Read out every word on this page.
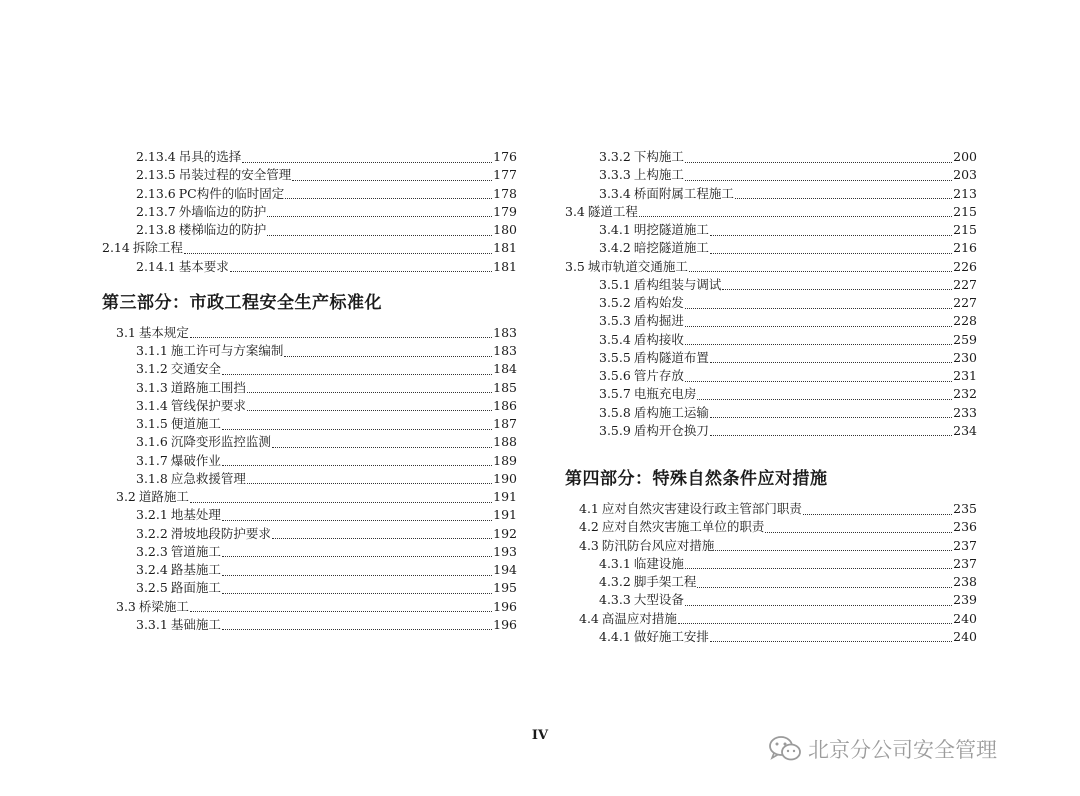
2.13.4 吊具的选择	176
2.13.5 吊装过程的安全管理	177
2.13.6 PC构件的临时固定	178
2.13.7 外墙临边的防护	179
2.13.8 楼梯临边的防护	180
2.14 拆除工程	181
2.14.1 基本要求	181
第三部分：市政工程安全生产标准化
3.1 基本规定	183
3.1.1 施工许可与方案编制	183
3.1.2 交通安全	184
3.1.3 道路施工围挡	185
3.1.4 管线保护要求	186
3.1.5 便道施工	187
3.1.6 沉降变形监控监测	188
3.1.7 爆破作业	189
3.1.8 应急救援管理	190
3.2 道路施工	191
3.2.1 地基处理	191
3.2.2 滑坡地段防护要求	192
3.2.3 管道施工	193
3.2.4 路基施工	194
3.2.5 路面施工	195
3.3 桥梁施工	196
3.3.1 基础施工	196
3.3.2 下构施工	200
3.3.3 上构施工	203
3.3.4 桥面附属工程施工	213
3.4 隧道工程	215
3.4.1 明挖隧道施工	215
3.4.2 暗挖隧道施工	216
3.5 城市轨道交通施工	226
3.5.1 盾构组装与调试	227
3.5.2 盾构始发	227
3.5.3 盾构掘进	228
3.5.4 盾构接收	259
3.5.5 盾构隧道布置	230
3.5.6 管片存放	231
3.5.7 电瓶充电房	232
3.5.8 盾构施工运输	233
3.5.9 盾构开仓换刀	234
第四部分：特殊自然条件应对措施
4.1 应对自然灾害建设行政主管部门职责	235
4.2 应对自然灾害施工单位的职责	236
4.3 防汛防台风应对措施	237
4.3.1 临建设施	237
4.3.2 脚手架工程	238
4.3.3 大型设备	239
4.4 高温应对措施	240
4.4.1 做好施工安排	240
IV
北京分公司安全管理
